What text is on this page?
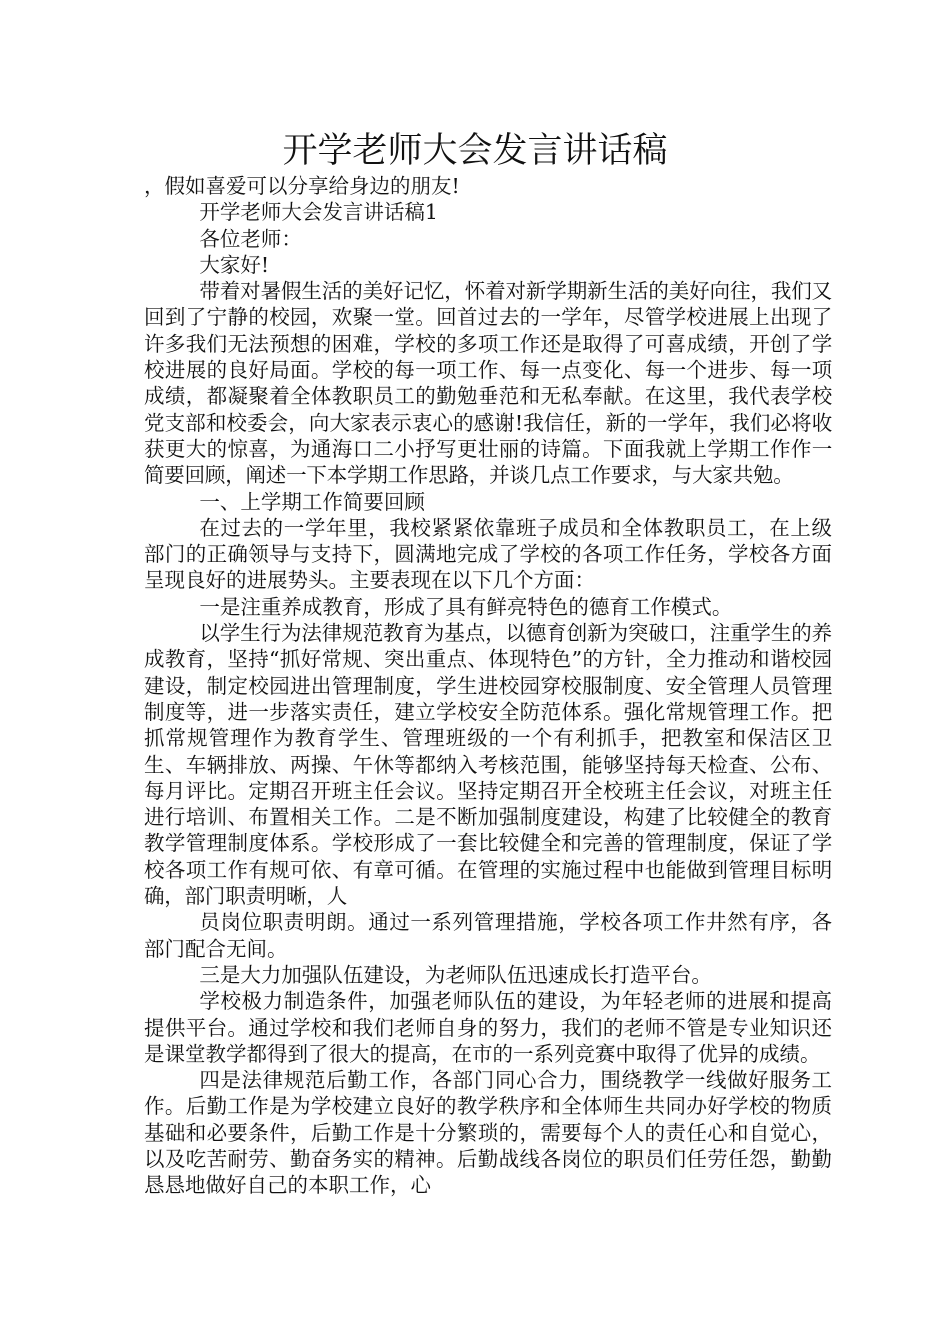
开学老师大会发言讲话稿

，假如喜爱可以分享给身边的朋友!

开学老师大会发言讲话稿1

各位老师：

大家好!

带着对暑假生活的美好记忆，怀着对新学期新生活的美好向往，我们又回到了宁静的校园，欢聚一堂。回首过去的一学年，尽管学校进展上出现了许多我们无法预想的困难，学校的多项工作还是取得了可喜成绩，开创了学校进展的良好局面。学校的每一项工作、每一点变化、每一个进步、每一项成绩，都凝聚着全体教职员工的勤勉垂范和无私奉献。在这里，我代表学校党支部和校委会，向大家表示衷心的感谢!我信任，新的一学年，我们必将收获更大的惊喜，为通海口二小抒写更壮丽的诗篇。下面我就上学期工作作一简要回顾，阐述一下本学期工作思路，并谈几点工作要求，与大家共勉。

一、上学期工作简要回顾

在过去的一学年里，我校紧紧依靠班子成员和全体教职员工，在上级部门的正确领导与支持下，圆满地完成了学校的各项工作任务，学校各方面呈现良好的进展势头。主要表现在以下几个方面：

一是注重养成教育，形成了具有鲜亮特色的德育工作模式。

以学生行为法律规范教育为基点，以德育创新为突破口，注重学生的养成教育，坚持“抓好常规、突出重点、体现特色”的方针，全力推动和谐校园建设，制定校园进出管理制度，学生进校园穿校服制度、安全管理人员管理制度等，进一步落实责任，建立学校安全防范体系。强化常规管理工作。把抓常规管理作为教育学生、管理班级的一个有利抓手，把教室和保洁区卫生、车辆排放、两操、午休等都纳入考核范围，能够坚持每天检查、公布、每月评比。定期召开班主任会议。坚持定期召开全校班主任会议，对班主任进行培训、布置相关工作。二是不断加强制度建设，构建了比较健全的教育教学管理制度体系。学校形成了一套比较健全和完善的管理制度，保证了学校各项工作有规可依、有章可循。在管理的实施过程中也能做到管理目标明确，部门职责明晰，人

员岗位职责明朗。通过一系列管理措施，学校各项工作井然有序，各部门配合无间。

三是大力加强队伍建设，为老师队伍迅速成长打造平台。

学校极力制造条件，加强老师队伍的建设，为年轻老师的进展和提高提供平台。通过学校和我们老师自身的努力，我们的老师不管是专业知识还是课堂教学都得到了很大的提高，在市的一系列竞赛中取得了优异的成绩。

四是法律规范后勤工作，各部门同心合力，围绕教学一线做好服务工作。后勤工作是为学校建立良好的教学秩序和全体师生共同办好学校的物质基础和必要条件，后勤工作是十分繁琐的，需要每个人的责任心和自觉心，以及吃苦耐劳、勤奋务实的精神。后勤战线各岗位的职员们任劳任怨，勤勤恳恳地做好自己的本职工作，心
